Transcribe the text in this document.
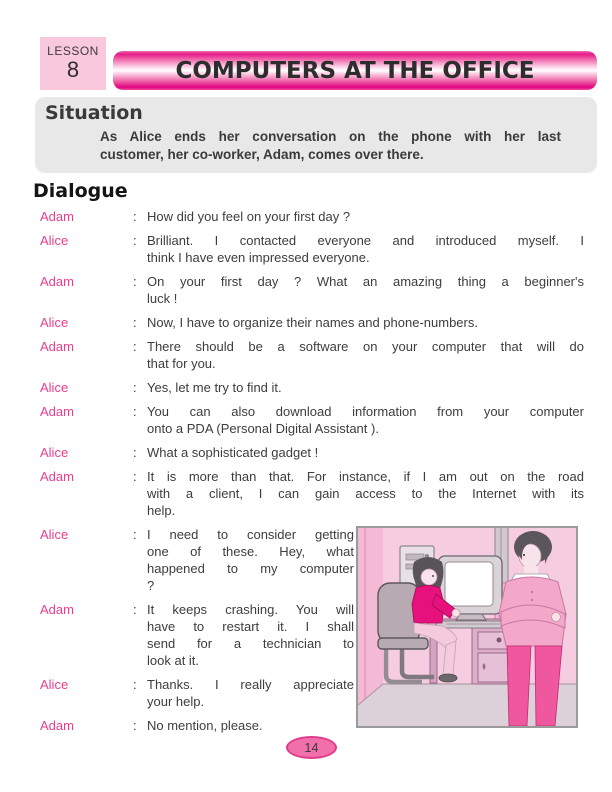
LESSON
8	COMPUTERS AT THE OFFICE
Situation
As Alice ends her conversation on the phone with her last
customer, her co-worker, Adam, comes over there.
Dialogue
Adam	: How did you feel on your first day ?
Alice	: Brilliant. I contacted everyone and introduced myself. I
think I have even impressed everyone.
Adam	: On your first day ? What an amazing thing a beginner's
luck !
Alice	: Now, I have to organize their names and phone-numbers.
Adam	: There should be a software on your computer that will do
that for you.
Alice	: Yes, let me try to find it.
Adam	: You can also download information from your computer
onto a PDA (Personal Digital Assistant ).
Alice	: What a sophisticated gadget !
Adam	: It is more than that. For instance, if I am out on the road
with a client, I can gain access to the Internet with its
help.
Alice	: I need to consider getting
one of these. Hey, what
happened to my computer
?
Adam	: It keeps crashing. You will
have to restart it. I shall
send for a technician to
look at it.
Alice	: Thanks. I really appreciate
your help.
Adam	: No mention, please.
14
